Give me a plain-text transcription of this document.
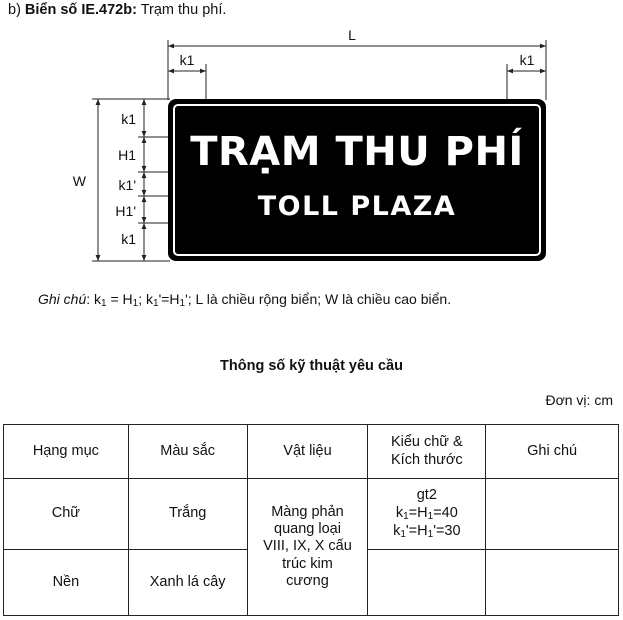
b) Biển số IE.472b: Trạm thu phí.
L
k1	k1
W
k1
H1
k1'
H1'
k1
TRẠM THU PHÍ
TOLL PLAZA
Ghi chú: $k_1 = H_1$; $k_1'=H_1'$; L là chiều rộng biển; W là chiều cao biển.
Thông số kỹ thuật yêu cầu
Đơn vị: cm
Hạng mục	Màu sắc	Vật liệu	Kiểu chữ & Kích thước	Ghi chú
Chữ	Trắng	Màng phản quang loại VIII, IX, X cấu trúc kim cương	gt2
$k_1=H_1=40$
$k_1'=H_1'=30$	

Nền	Xanh lá cây			
